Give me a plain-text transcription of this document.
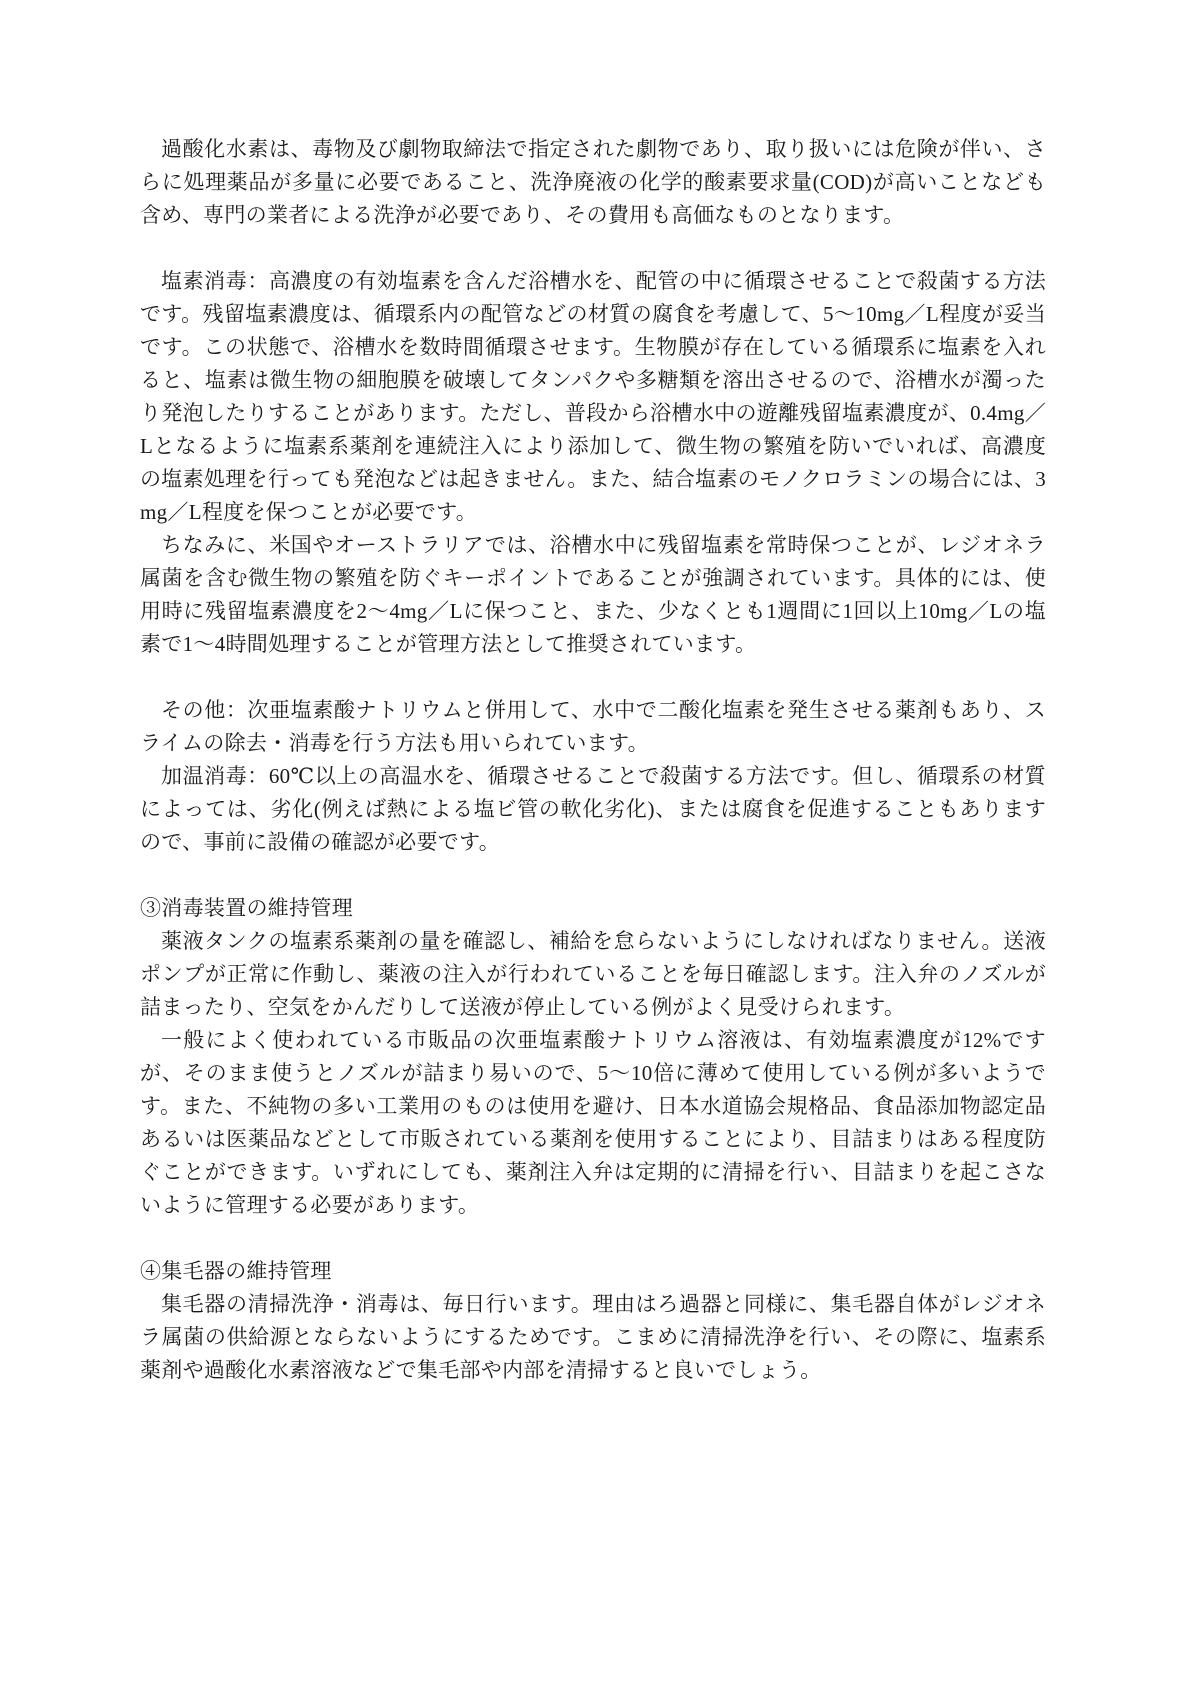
過酸化水素は、毒物及び劇物取締法で指定された劇物であり、取り扱いには危険が伴い、さらに処理薬品が多量に必要であること、洗浄廃液の化学的酸素要求量(COD)が高いことなども含め、専門の業者による洗浄が必要であり、その費用も高価なものとなります。

塩素消毒：高濃度の有効塩素を含んだ浴槽水を、配管の中に循環させることで殺菌する方法です。残留塩素濃度は、循環系内の配管などの材質の腐食を考慮して、5〜10mg／L程度が妥当です。この状態で、浴槽水を数時間循環させます。生物膜が存在している循環系に塩素を入れると、塩素は微生物の細胞膜を破壊してタンパクや多糖類を溶出させるので、浴槽水が濁ったり発泡したりすることがあります。ただし、普段から浴槽水中の遊離残留塩素濃度が、0.4mg／Lとなるように塩素系薬剤を連続注入により添加して、微生物の繁殖を防いでいれば、高濃度の塩素処理を行っても発泡などは起きません。また、結合塩素のモノクロラミンの場合には、3mg／L程度を保つことが必要です。

ちなみに、米国やオーストラリアでは、浴槽水中に残留塩素を常時保つことが、レジオネラ属菌を含む微生物の繁殖を防ぐキーポイントであることが強調されています。具体的には、使用時に残留塩素濃度を2〜4mg／Lに保つこと、また、少なくとも1週間に1回以上10mg／Lの塩素で1〜4時間処理することが管理方法として推奨されています。

その他：次亜塩素酸ナトリウムと併用して、水中で二酸化塩素を発生させる薬剤もあり、スライムの除去・消毒を行う方法も用いられています。

加温消毒：60℃以上の高温水を、循環させることで殺菌する方法です。但し、循環系の材質によっては、劣化(例えば熱による塩ビ管の軟化劣化)、または腐食を促進することもありますので、事前に設備の確認が必要です。

③消毒装置の維持管理

薬液タンクの塩素系薬剤の量を確認し、補給を怠らないようにしなければなりません。送液ポンプが正常に作動し、薬液の注入が行われていることを毎日確認します。注入弁のノズルが詰まったり、空気をかんだりして送液が停止している例がよく見受けられます。

一般によく使われている市販品の次亜塩素酸ナトリウム溶液は、有効塩素濃度が12%ですが、そのまま使うとノズルが詰まり易いので、5〜10倍に薄めて使用している例が多いようです。また、不純物の多い工業用のものは使用を避け、日本水道協会規格品、食品添加物認定品あるいは医薬品などとして市販されている薬剤を使用することにより、目詰まりはある程度防ぐことができます。いずれにしても、薬剤注入弁は定期的に清掃を行い、目詰まりを起こさないように管理する必要があります。

④集毛器の維持管理

集毛器の清掃洗浄・消毒は、毎日行います。理由はろ過器と同様に、集毛器自体がレジオネラ属菌の供給源とならないようにするためです。こまめに清掃洗浄を行い、その際に、塩素系薬剤や過酸化水素溶液などで集毛部や内部を清掃すると良いでしょう。
